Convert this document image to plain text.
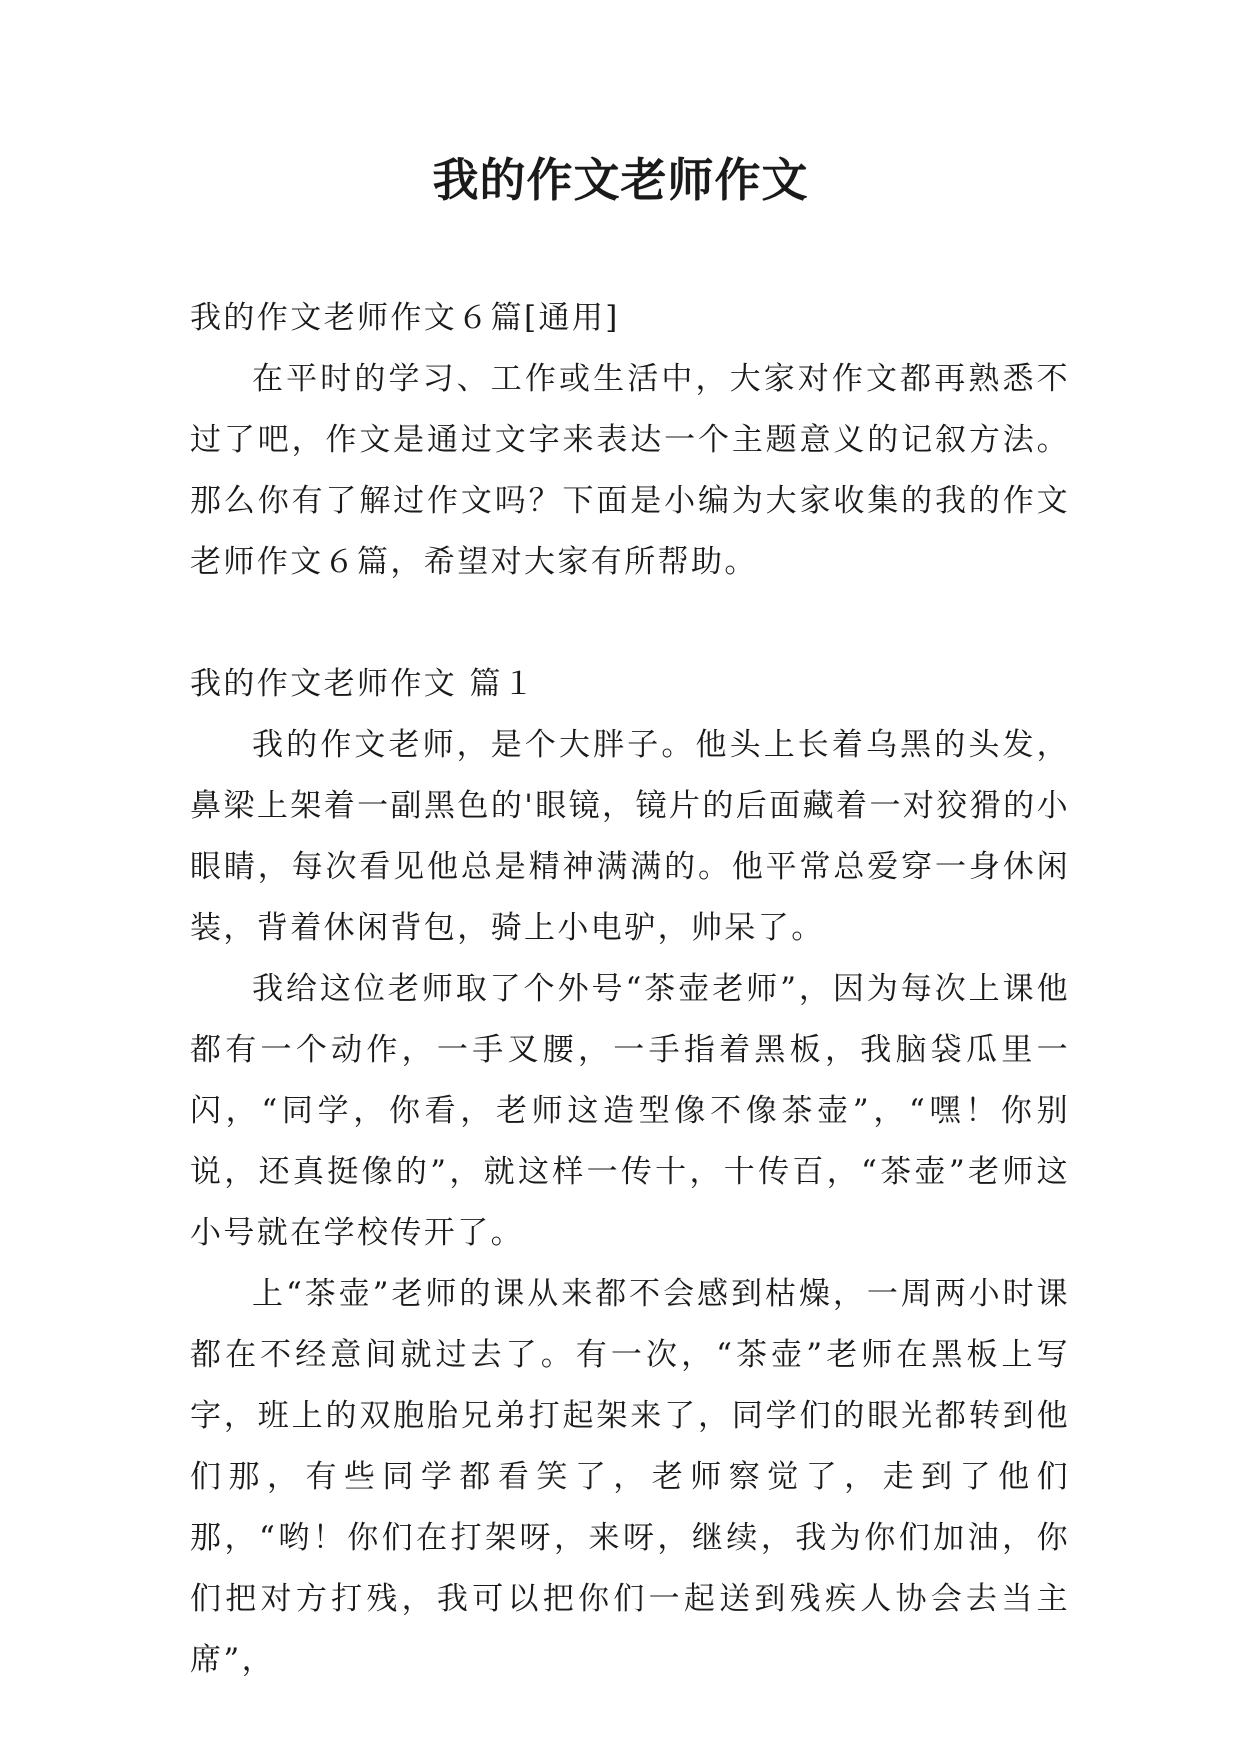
我的作文老师作文

我的作文老师作文６篇[通用]

在平时的学习、工作或生活中，大家对作文都再熟悉不过了吧，作文是通过文字来表达一个主题意义的记叙方法。那么你有了解过作文吗？下面是小编为大家收集的我的作文老师作文６篇，希望对大家有所帮助。

我的作文老师作文 篇１

我的作文老师，是个大胖子。他头上长着乌黑的头发，鼻梁上架着一副黑色的'眼镜，镜片的后面藏着一对狡猾的小眼睛，每次看见他总是精神满满的。他平常总爱穿一身休闲装，背着休闲背包，骑上小电驴，帅呆了。

我给这位老师取了个外号“茶壶老师”，因为每次上课他都有一个动作，一手叉腰，一手指着黑板，我脑袋瓜里一闪，“同学，你看，老师这造型像不像茶壶”，“嘿！你别说，还真挺像的”，就这样一传十，十传百，“茶壶”老师这小号就在学校传开了。

上“茶壶”老师的课从来都不会感到枯燥，一周两小时课都在不经意间就过去了。有一次，“茶壶”老师在黑板上写字，班上的双胞胎兄弟打起架来了，同学们的眼光都转到他们那，有些同学都看笑了，老师察觉了，走到了他们那，“哟！你们在打架呀，来呀，继续，我为你们加油，你们把对方打残，我可以把你们一起送到残疾人协会去当主席”，
